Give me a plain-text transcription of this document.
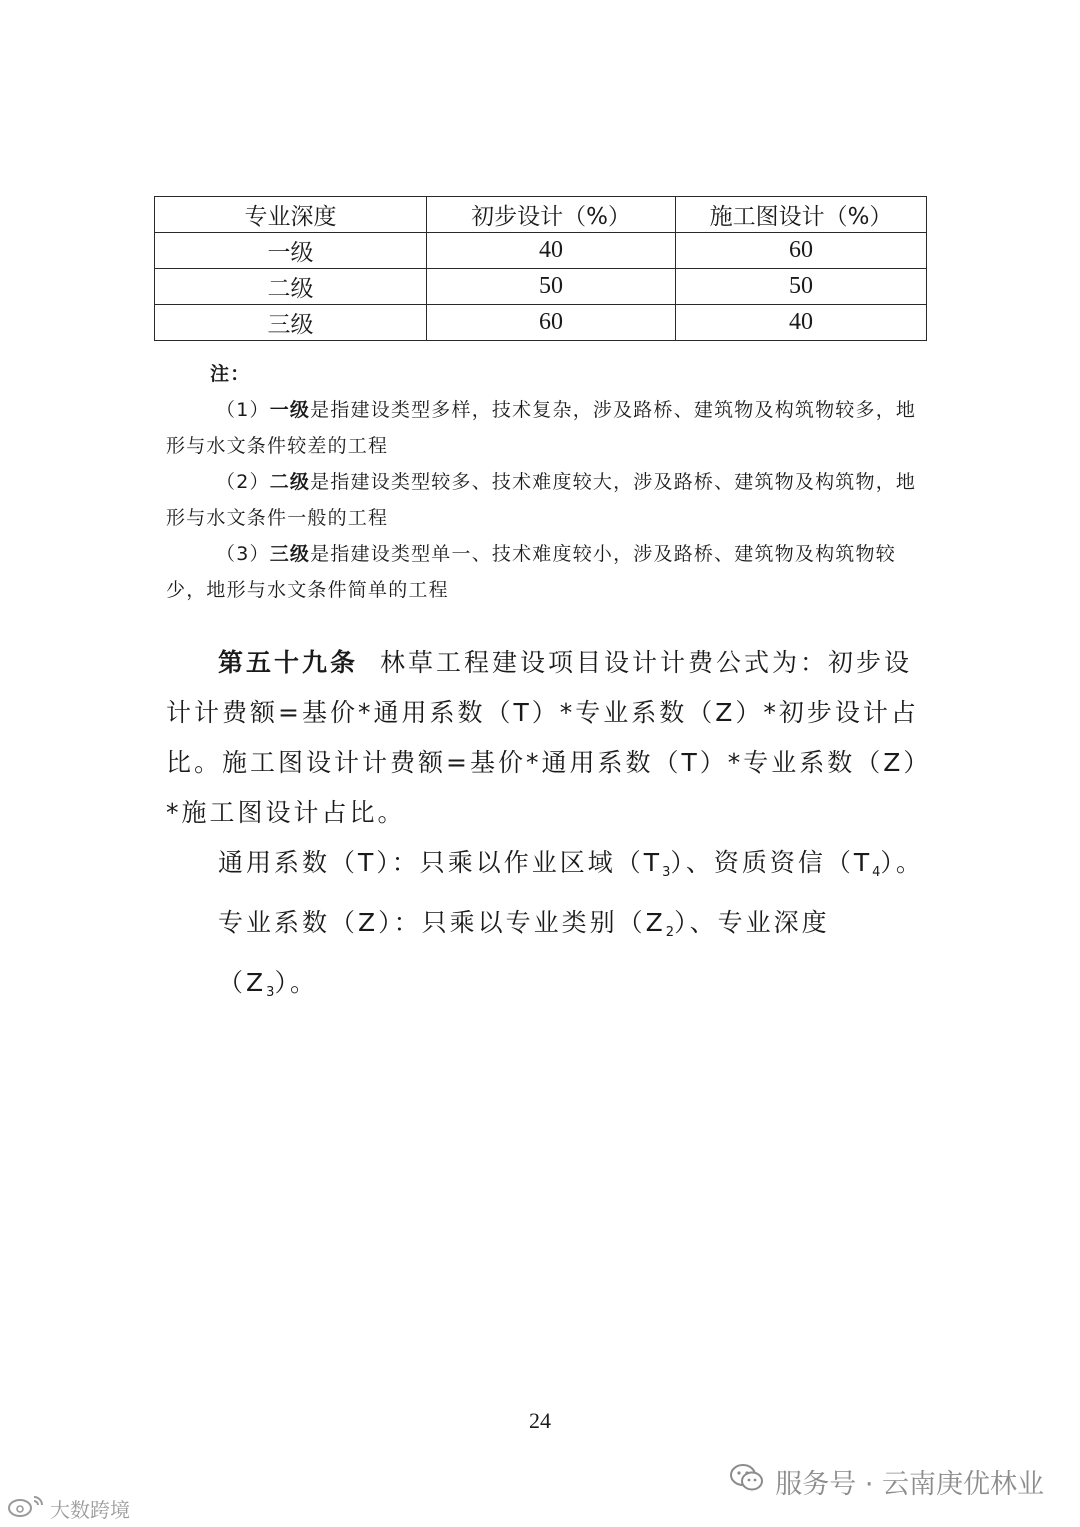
专业深度	初步设计（%）	施工图设计（%）
一级	40	60
二级	50	50
三级	60	40
注：
（1）一级是指建设类型多样，技术复杂，涉及路桥、建筑物及构筑物较多，地形与水文条件较差的工程
（2）二级是指建设类型较多、技术难度较大，涉及路桥、建筑物及构筑物，地形与水文条件一般的工程
（3）三级是指建设类型单一、技术难度较小，涉及路桥、建筑物及构筑物较少，地形与水文条件简单的工程

第五十九条 林草工程建设项目设计计费公式为：初步设计计费额=基价*通用系数（T）*专业系数（Z）*初步设计占比。施工图设计计费额=基价*通用系数（T）*专业系数（Z）*施工图设计占比。

通用系数（T）：只乘以作业区域$(T_3)$、资质资信$(T_4)$。

专业系数（Z）：只乘以专业类别$(Z_2)$、专业深度$(Z_3)$。

24
服务号 · 云南庚优林业
大数跨境
